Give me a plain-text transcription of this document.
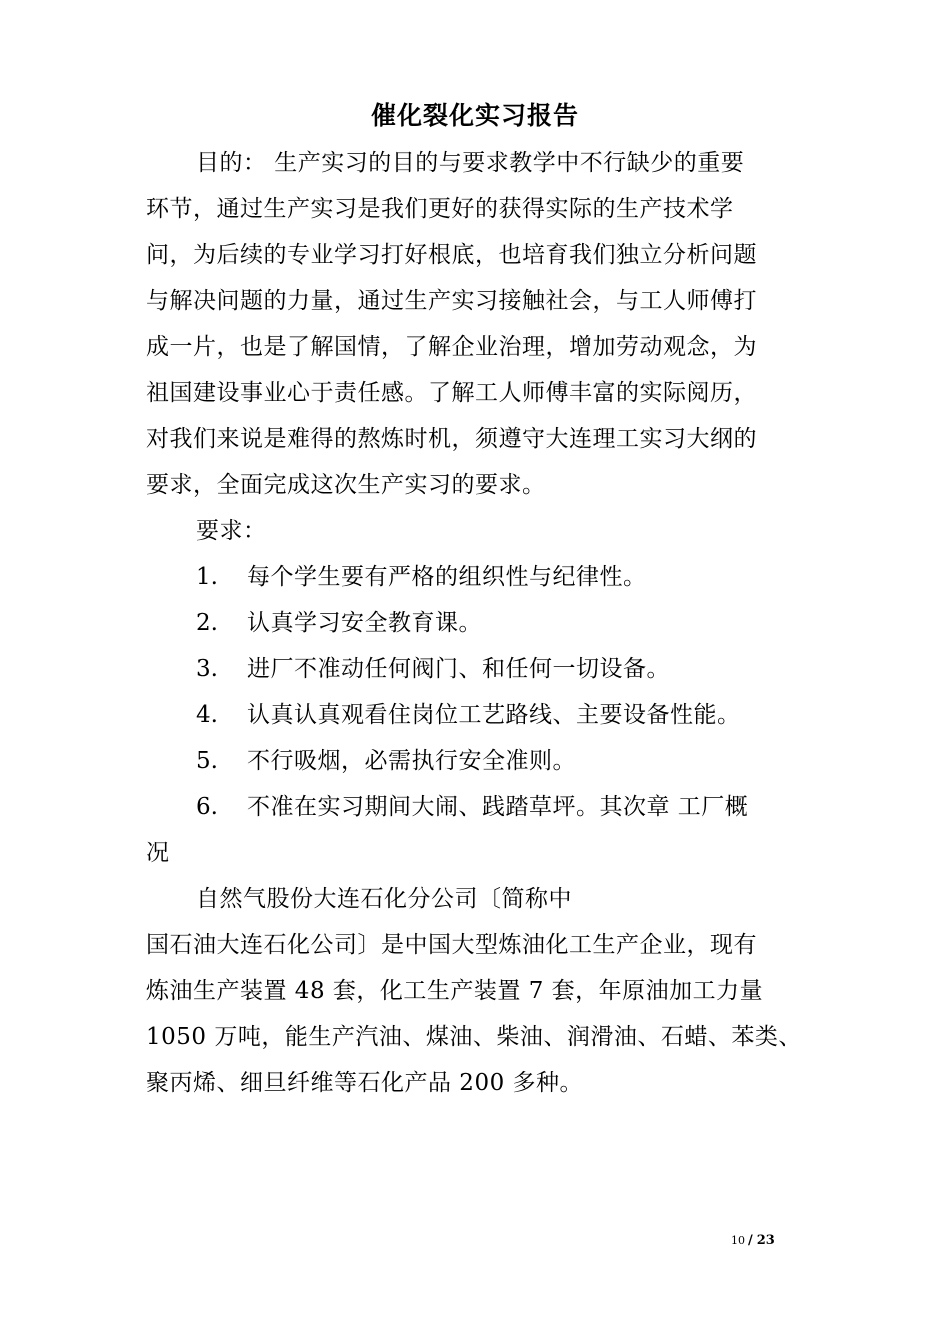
催化裂化实习报告
目的： 生产实习的目的与要求教学中不行缺少的重要
环节，通过生产实习是我们更好的获得实际的生产技术学
问，为后续的专业学习打好根底，也培育我们独立分析问题
与解决问题的力量，通过生产实习接触社会，与工人师傅打
成一片，也是了解国情，了解企业治理，增加劳动观念，为
祖国建设事业心于责任感。了解工人师傅丰富的实际阅历，
对我们来说是难得的熬炼时机，须遵守大连理工实习大纲的
要求，全面完成这次生产实习的要求。
要求：
1. 每个学生要有严格的组织性与纪律性。
2. 认真学习安全教育课。
3. 进厂不准动任何阀门、和任何一切设备。
4. 认真认真观看住岗位工艺路线、主要设备性能。
5. 不行吸烟，必需执行安全准则。
6. 不准在实习期间大闹、践踏草坪。其次章 工厂概
况
自然气股份大连石化分公司〔简称中
国石油大连石化公司〕是中国大型炼油化工生产企业，现有
炼油生产装置 48 套，化工生产装置 7 套，年原油加工力量
1050 万吨，能生产汽油、煤油、柴油、润滑油、石蜡、苯类、
聚丙烯、细旦纤维等石化产品 200 多种。
10 / 23
